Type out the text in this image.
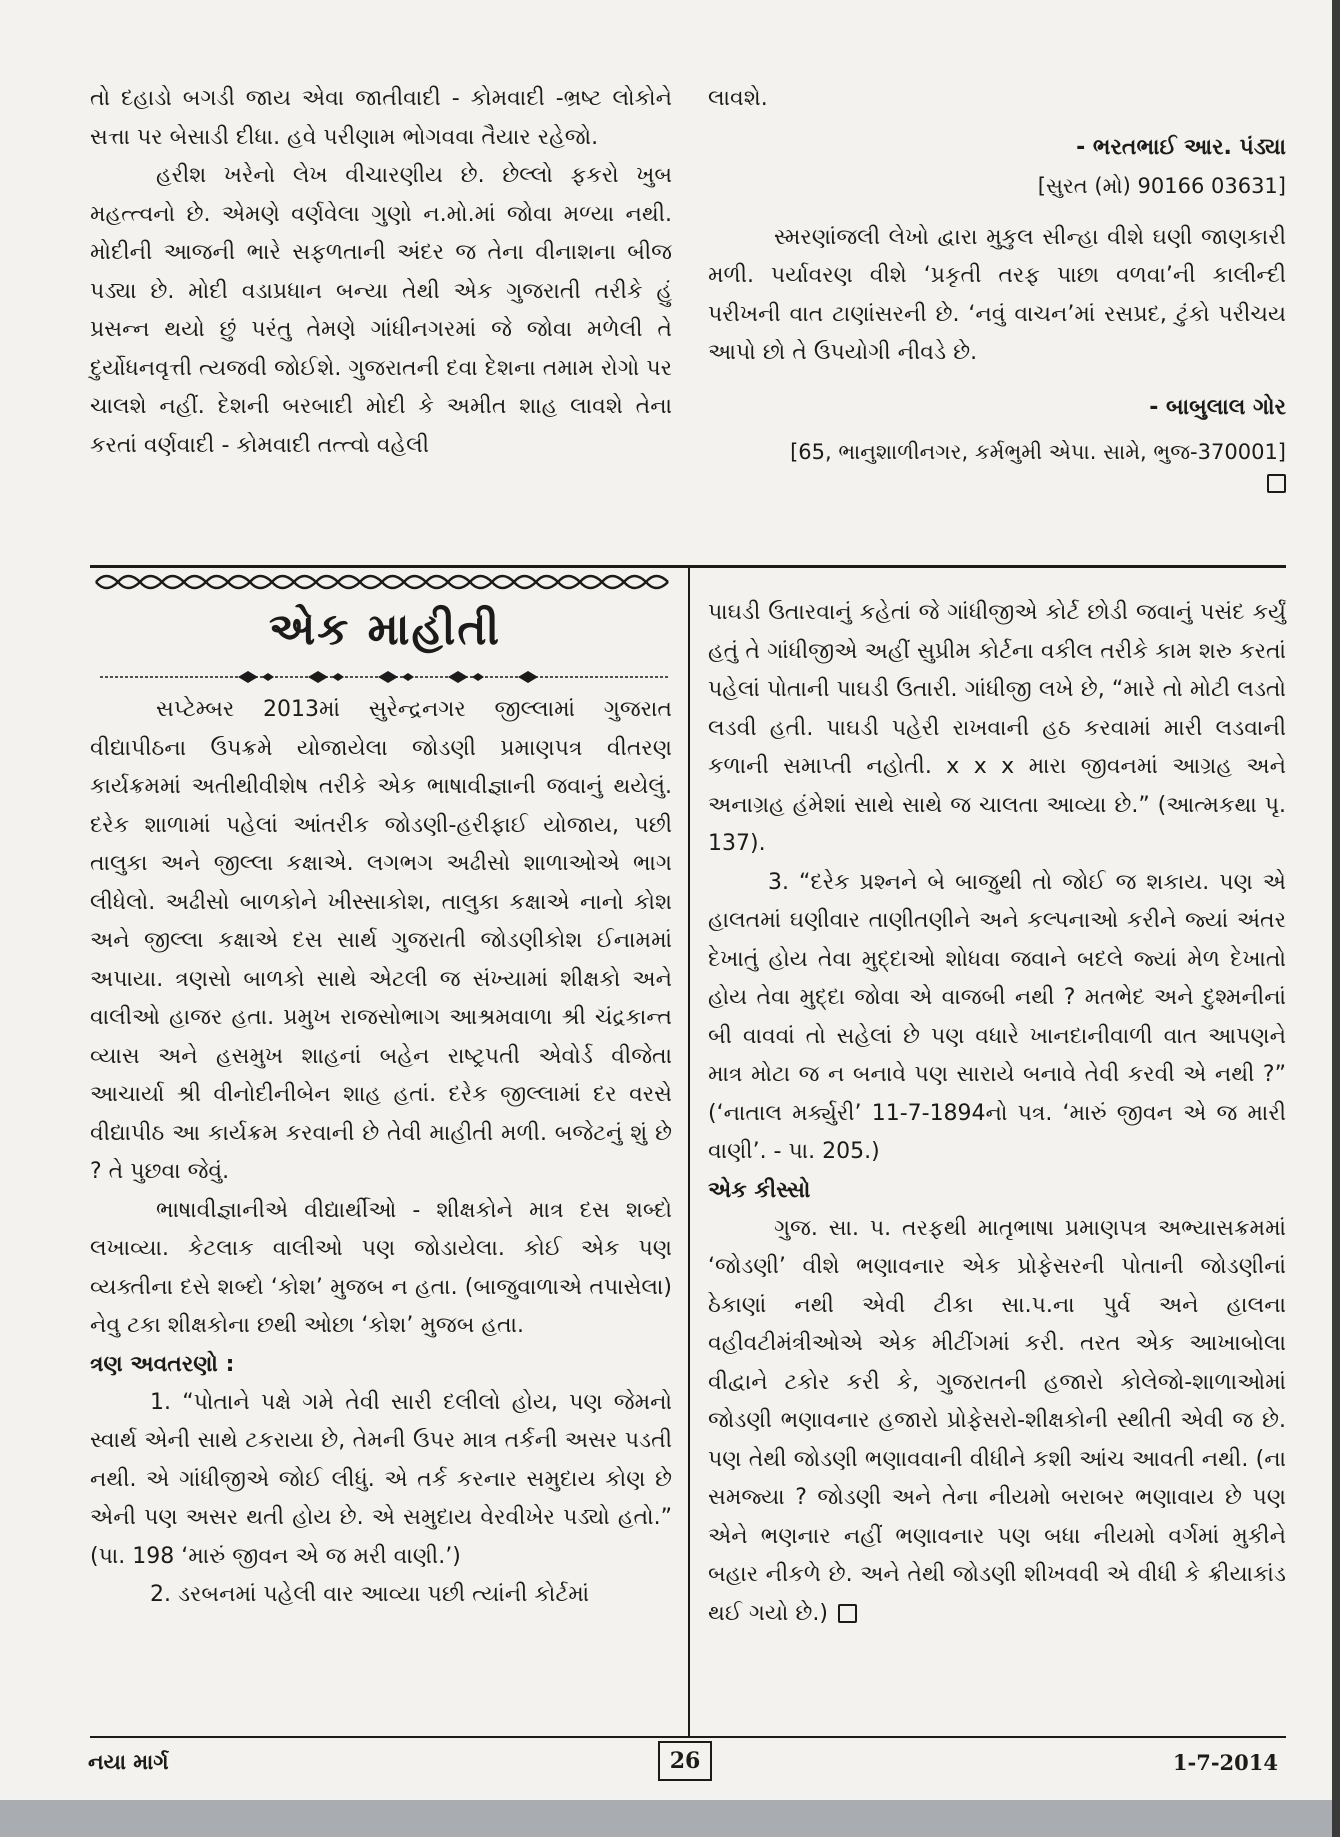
તો દહાડો બગડી જાય એવા જાતીવાદી - કોમવાદી -ભ્રષ્ટ લોકોને સત્તા પર બેસાડી દીધા. હવે પરીણામ ભોગવવા તૈયાર રહેજો.

હરીશ ખરેનો લેખ વીચારણીય છે. છેલ્લો ફકરો ખુબ મહત્ત્વનો છે. એમણે વર્ણવેલા ગુણો ન.મો.માં જોવા મળ્યા નથી. મોદીની આજની ભારે સફળતાની અંદર જ તેના વીનાશના બીજ પડ્યા છે. મોદી વડાપ્રધાન બન્યા તેથી એક ગુજરાતી તરીકે હું પ્રસન્ન થયો છું પરંતુ તેમણે ગાંધીનગરમાં જે જોવા મળેલી તે દુર્યોધનવૃત્તી ત્યજવી જોઈશે. ગુજરાતની દવા દેશના તમામ રોગો પર ચાલશે નહીં. દેશની બરબાદી મોદી કે અમીત શાહ લાવશે તેના કરતાં વર્ણવાદી - કોમવાદી તત્ત્વો વહેલી

લાવશે.

- ભરતભાઈ આર. પંડ્યા
[સુરત (મો) 90166 03631]

સ્મરણાંજલી લેખો દ્વારા મુકુલ સીન્હા વીશે ઘણી જાણકારી મળી. પર્યાવરણ વીશે ‘પ્રકૃતી તરફ પાછા વળવા’ની કાલીન્દી પરીખની વાત ટાણાંસરની છે. ‘નવું વાચન’માં રસપ્રદ, ટુંકો પરીચય આપો છો તે ઉપયોગી નીવડે છે.

- બાબુલાલ ગોર
[65, ભાનુશાળીનગર, કર્મભુમી એપા. સામે, ભુજ-370001]
એક માહીતી

સપ્ટેમ્બર 2013માં સુરેન્દ્રનગર જીલ્લામાં ગુજરાત વીદ્યાપીઠના ઉપક્રમે યોજાયેલા જોડણી પ્રમાણપત્ર વીતરણ કાર્યક્રમમાં અતીથીવીશેષ તરીકે એક ભાષાવીજ્ઞાની જવાનું થયેલું. દરેક શાળામાં પહેલાં આંતરીક જોડણી-હરીફાઈ યોજાય, પછી તાલુકા અને જીલ્લા કક્ષાએ. લગભગ અઢીસો શાળાઓએ ભાગ લીધેલો. અઢીસો બાળકોને ખીસ્સાકોશ, તાલુકા કક્ષાએ નાનો કોશ અને જીલ્લા કક્ષાએ દસ સાર્થ ગુજરાતી જોડણીકોશ ઈનામમાં અપાયા. ત્રણસો બાળકો સાથે એટલી જ સંખ્યામાં શીક્ષકો અને વાલીઓ હાજર હતા. પ્રમુખ રાજસોભાગ આશ્રમવાળા શ્રી ચંદ્રકાન્ત વ્યાસ અને હસમુખ શાહનાં બહેન રાષ્ટ્રપતી એવોર્ડ વીજેતા આચાર્યા શ્રી વીનોદીનીબેન શાહ હતાં. દરેક જીલ્લામાં દર વરસે વીદ્યાપીઠ આ કાર્યક્રમ કરવાની છે તેવી માહીતી મળી. બજેટનું શું છે ? તે પુછવા જેવું.

ભાષાવીજ્ઞાનીએ વીદ્યાર્થીઓ - શીક્ષકોને માત્ર દસ શબ્દો લખાવ્યા. કેટલાક વાલીઓ પણ જોડાયેલા. કોઈ એક પણ વ્યક્તીના દસે શબ્દો ‘કોશ’ મુજબ ન હતા. (બાજુવાળાએ તપાસેલા) નેવુ ટકા શીક્ષકોના છથી ઓછા ‘કોશ’ મુજબ હતા.

ત્રણ અવતરણો :

1. “પોતાને પક્ષે ગમે તેવી સારી દલીલો હોય, પણ જેમનો સ્વાર્થ એની સાથે ટકરાયા છે, તેમની ઉપર માત્ર તર્કની અસર પડતી નથી. એ ગાંધીજીએ જોઈ લીધું. એ તર્ક કરનાર સમુદાય કોણ છે એની પણ અસર થતી હોય છે. એ સમુદાય વેરવીખેર પડ્યો હતો.” (પા. 198 ‘મારું જીવન એ જ મરી વાણી.’)

2. ડરબનમાં પહેલી વાર આવ્યા પછી ત્યાંની કોર્ટમાં

પાઘડી ઉતારવાનું કહેતાં જે ગાંધીજીએ કોર્ટ છોડી જવાનું પસંદ કર્યું હતું તે ગાંધીજીએ અહીં સુપ્રીમ કોર્ટના વકીલ તરીકે કામ શરુ કરતાં પહેલાં પોતાની પાઘડી ઉતારી. ગાંધીજી લખે છે, “મારે તો મોટી લડતો લડવી હતી. પાઘડી પહેરી રાખવાની હઠ કરવામાં મારી લડવાની કળાની સમાપ્તી નહોતી. x x x મારા જીવનમાં આગ્રહ અને અનાગ્રહ હંમેશાં સાથે સાથે જ ચાલતા આવ્યા છે.” (આત્મકથા પૃ. 137).

3. “દરેક પ્રશ્નને બે બાજુથી તો જોઈ જ શકાય. પણ એ હાલતમાં ઘણીવાર તાણીતણીને અને કલ્પનાઓ કરીને જ્યાં અંતર દેખાતું હોય તેવા મુદ્દાઓ શોધવા જવાને બદલે જ્યાં મેળ દેખાતો હોય તેવા મુદ્દા જોવા એ વાજબી નથી ? મતભેદ અને દુશ્મનીનાં બી વાવવાં તો સહેલાં છે પણ વધારે ખાનદાનીવાળી વાત આપણને માત્ર મોટા જ ન બનાવે પણ સારાયે બનાવે તેવી કરવી એ નથી ?” (‘નાતાલ મર્ક્યુરી’ 11-7-1894નો પત્ર. ‘મારું જીવન એ જ મારી વાણી’. - પા. 205.)

એક કીસ્સો

ગુજ. સા. પ. તરફથી માતૃભાષા પ્રમાણપત્ર અભ્યાસક્રમમાં ‘જોડણી’ વીશે ભણાવનાર એક પ્રોફેસરની પોતાની જોડણીનાં ઠેકાણાં નથી એવી ટીકા સા.પ.ના પુર્વ અને હાલના વહીવટીમંત્રીઓએ એક મીટીંગમાં કરી. તરત એક આખાબોલા વીદ્વાને ટકોર કરી કે, ગુજરાતની હજારો કોલેજો-શાળાઓમાં જોડણી ભણાવનાર હજારો પ્રોફેસરો-શીક્ષકોની સ્થીતી એવી જ છે. પણ તેથી જોડણી ભણાવવાની વીધીને કશી આંચ આવતી નથી. (ના સમજ્યા ? જોડણી અને તેના નીયમો બરાબર ભણાવાય છે પણ એને ભણનાર નહીં ભણાવનાર પણ બધા નીયમો વર્ગમાં મુકીને બહાર નીકળે છે. અને તેથી જોડણી શીખવવી એ વીધી કે ક્રીયાકાંડ થઈ ગયો છે.)

નયા માર્ગ	26	1-7-2014
